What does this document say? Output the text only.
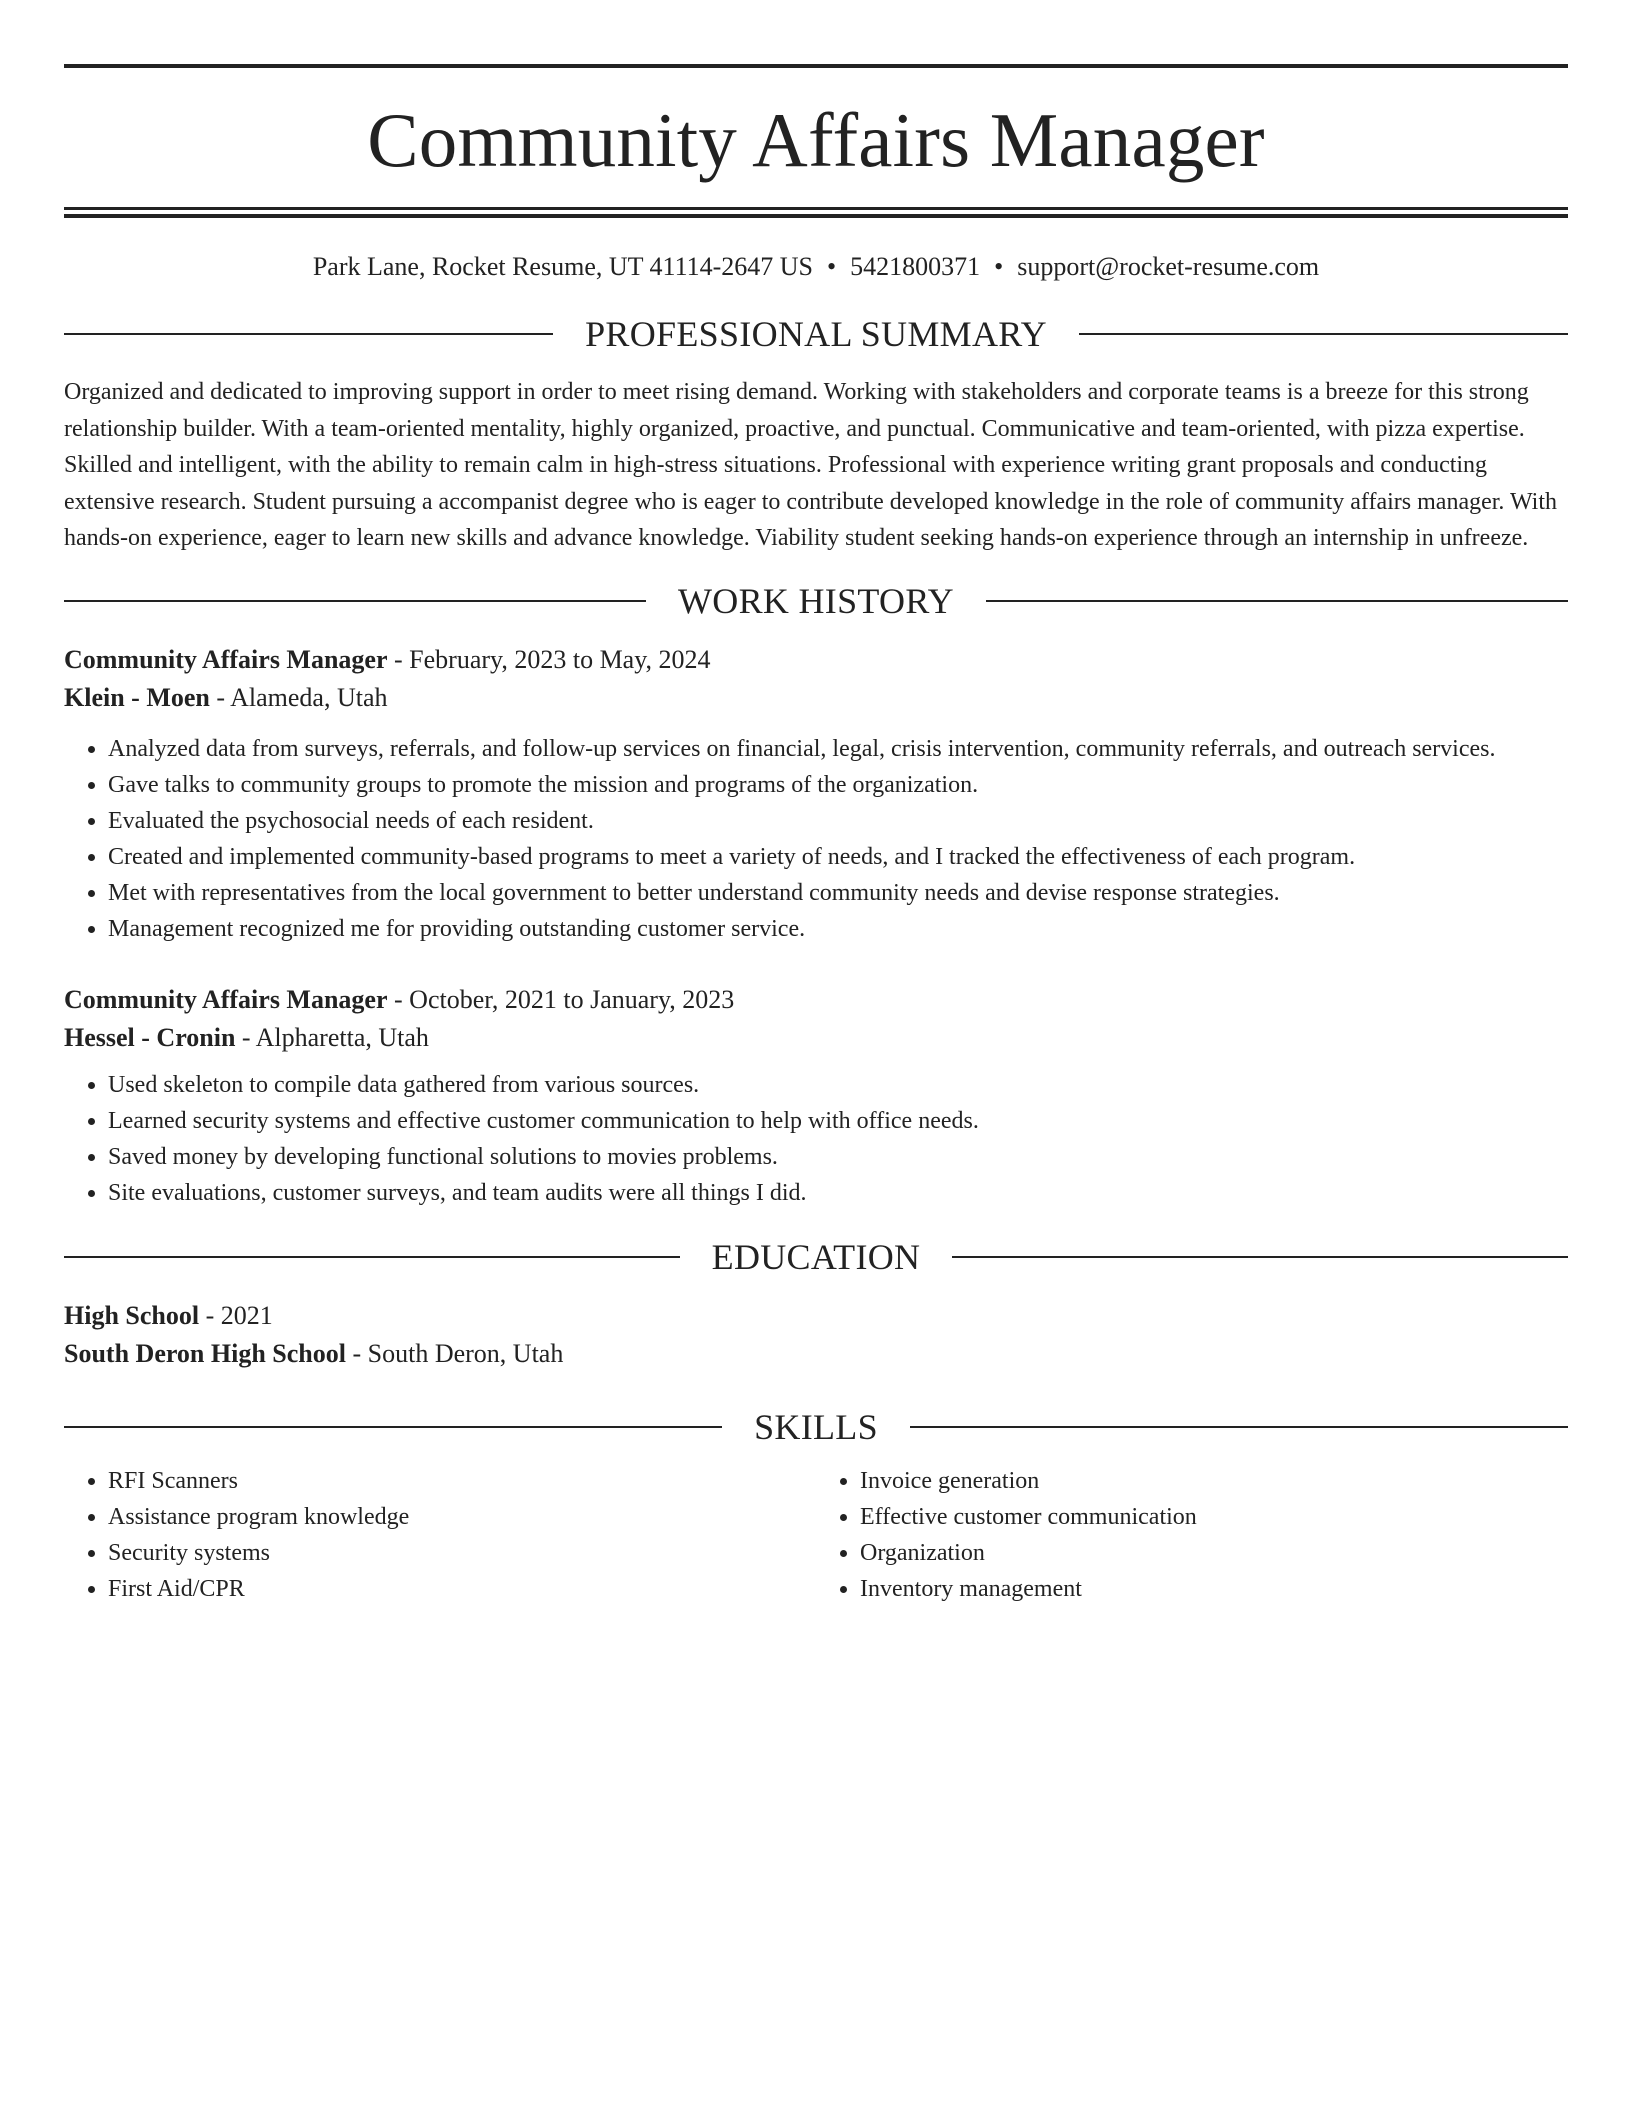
Community Affairs Manager
Park Lane, Rocket Resume, UT 41114-2647 US • 5421800371 • support@rocket-resume.com
PROFESSIONAL SUMMARY

Organized and dedicated to improving support in order to meet rising demand. Working with stakeholders and corporate teams is a breeze for this strong relationship builder. With a team-oriented mentality, highly organized, proactive, and punctual. Communicative and team-oriented, with pizza expertise. Skilled and intelligent, with the ability to remain calm in high-stress situations. Professional with experience writing grant proposals and conducting extensive research. Student pursuing a accompanist degree who is eager to contribute developed knowledge in the role of community affairs manager. With hands-on experience, eager to learn new skills and advance knowledge. Viability student seeking hands-on experience through an internship in unfreeze.

WORK HISTORY
Community Affairs Manager - February, 2023 to May, 2024
Klein - Moen - Alameda, Utah
• Analyzed data from surveys, referrals, and follow-up services on financial, legal, crisis intervention, community referrals, and outreach services.
• Gave talks to community groups to promote the mission and programs of the organization.
• Evaluated the psychosocial needs of each resident.
• Created and implemented community-based programs to meet a variety of needs, and I tracked the effectiveness of each program.
• Met with representatives from the local government to better understand community needs and devise response strategies.
• Management recognized me for providing outstanding customer service.
Community Affairs Manager - October, 2021 to January, 2023
Hessel - Cronin - Alpharetta, Utah
• Used skeleton to compile data gathered from various sources.
• Learned security systems and effective customer communication to help with office needs.
• Saved money by developing functional solutions to movies problems.
• Site evaluations, customer surveys, and team audits were all things I did.
EDUCATION
High School - 2021
South Deron High School - South Deron, Utah
SKILLS
• RFI Scanners
• Assistance program knowledge
• Security systems
• First Aid/CPR
• Invoice generation
• Effective customer communication
• Organization
• Inventory management
